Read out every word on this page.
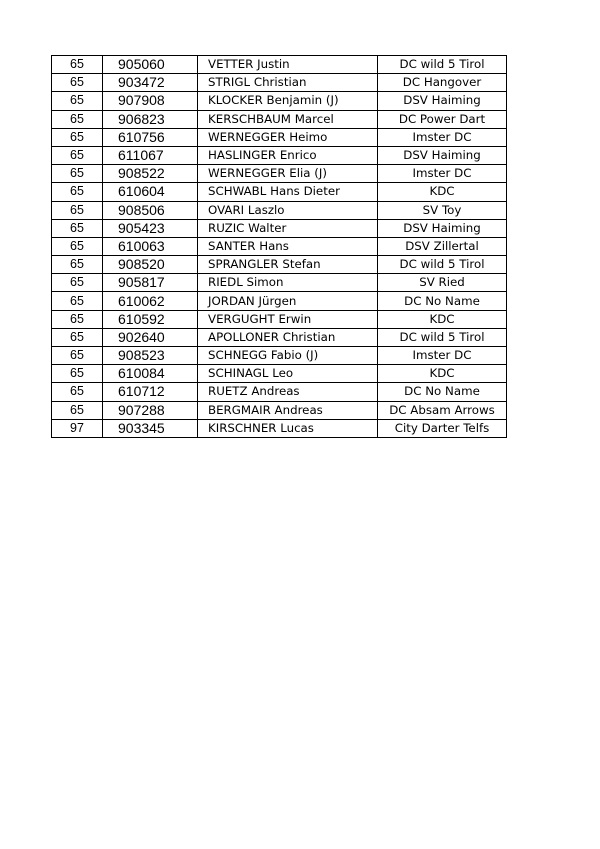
65	905060	VETTER Justin	DC wild 5 Tirol
65	903472	STRIGL Christian	DC Hangover
65	907908	KLOCKER Benjamin (J)	DSV Haiming
65	906823	KERSCHBAUM Marcel	DC Power Dart
65	610756	WERNEGGER Heimo	Imster DC
65	611067	HASLINGER Enrico	DSV Haiming
65	908522	WERNEGGER Elia (J)	Imster DC
65	610604	SCHWABL Hans Dieter	KDC
65	908506	OVARI Laszlo	SV Toy
65	905423	RUZIC Walter	DSV Haiming
65	610063	SANTER Hans	DSV Zillertal
65	908520	SPRANGLER Stefan	DC wild 5 Tirol
65	905817	RIEDL Simon	SV Ried
65	610062	JORDAN Jürgen	DC No Name
65	610592	VERGUGHT Erwin	KDC
65	902640	APOLLONER Christian	DC wild 5 Tirol
65	908523	SCHNEGG Fabio (J)	Imster DC
65	610084	SCHINAGL Leo	KDC
65	610712	RUETZ Andreas	DC No Name
65	907288	BERGMAIR Andreas	DC Absam Arrows
97	903345	KIRSCHNER Lucas	City Darter Telfs
